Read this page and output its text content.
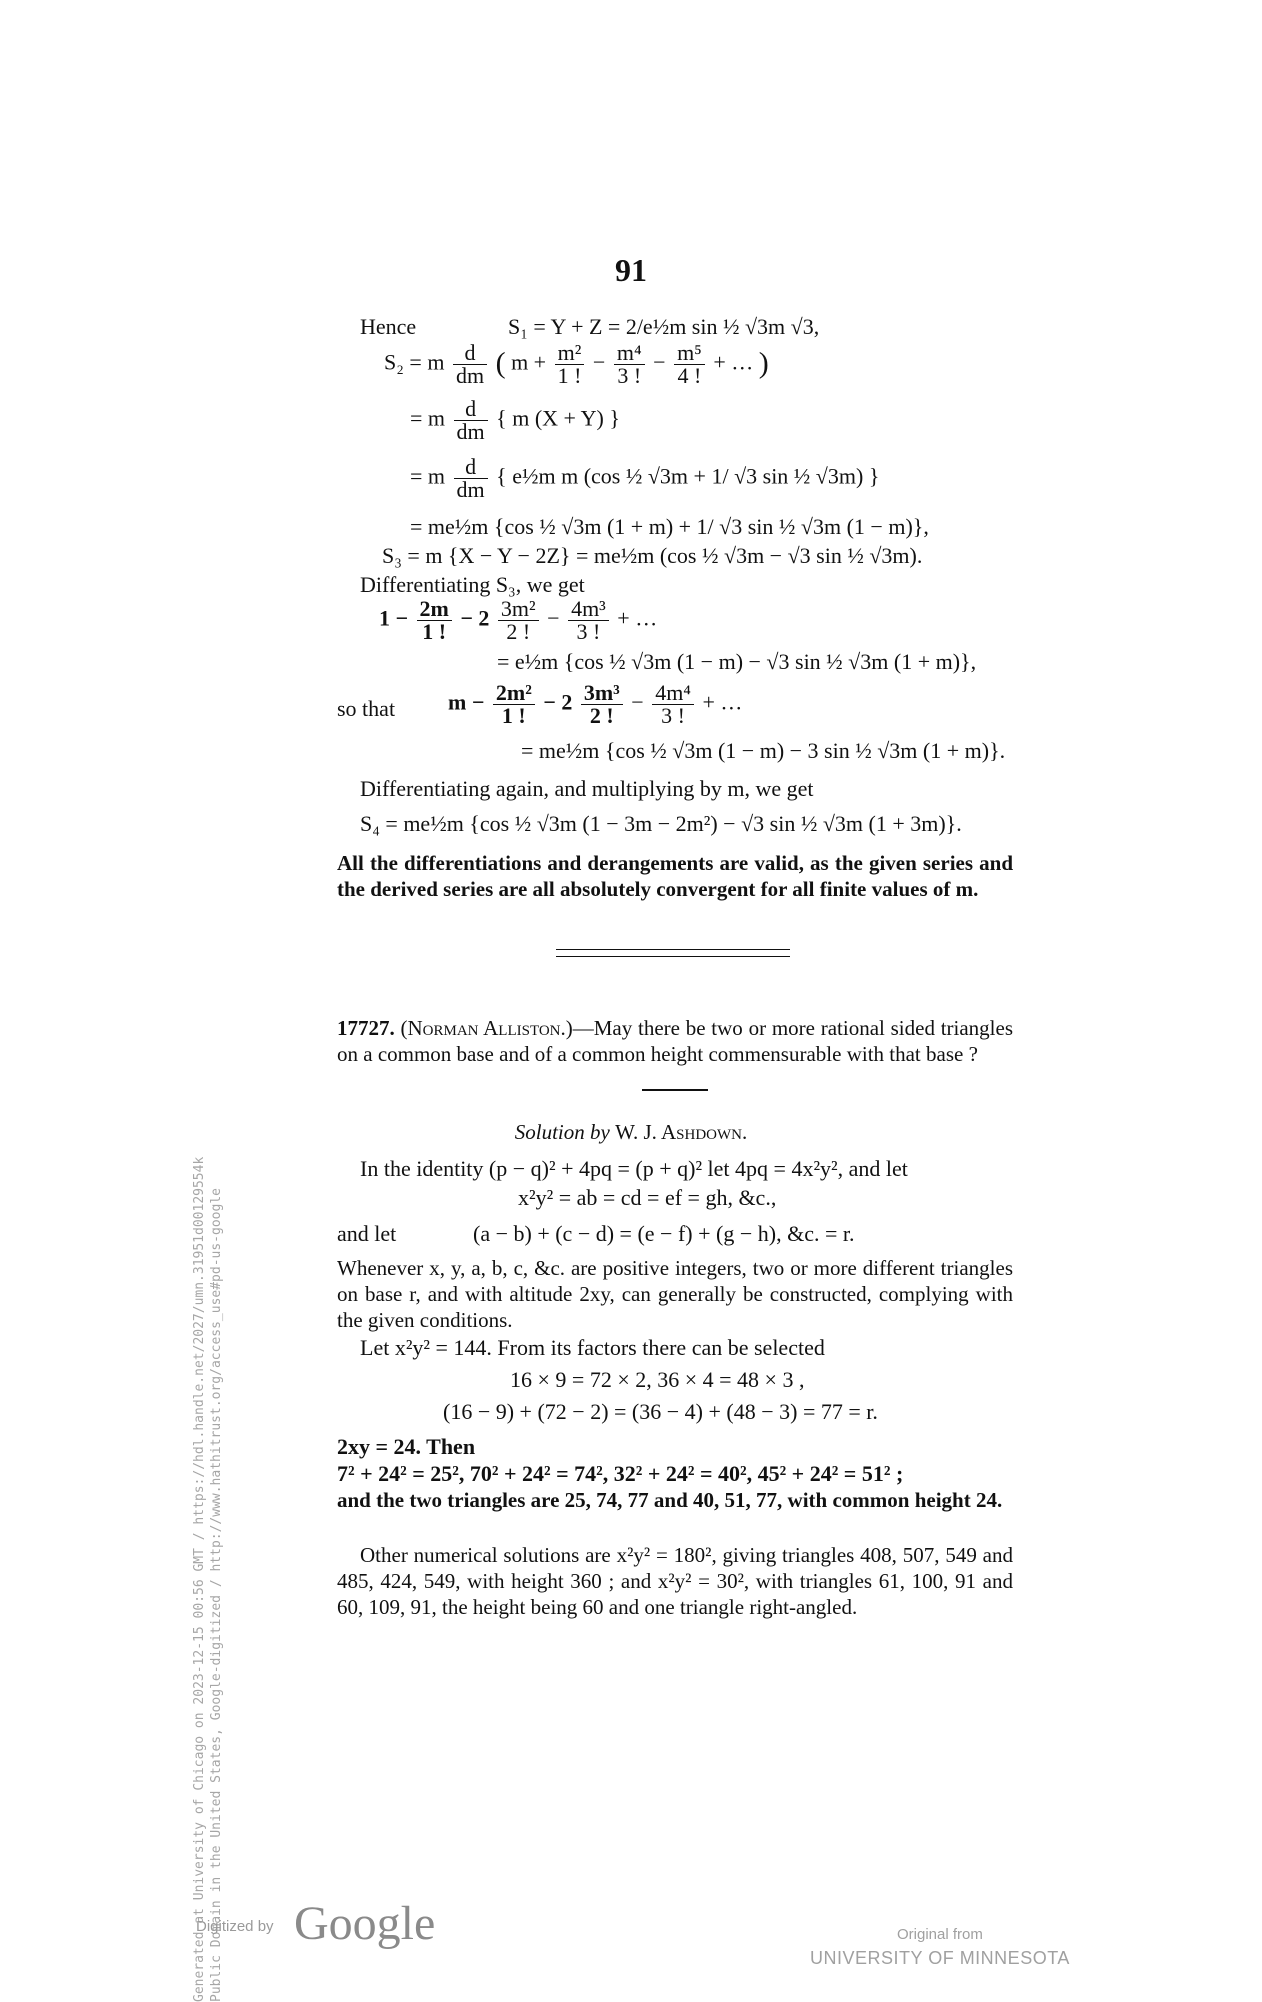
91
Hence	S₁ = Y + Z = 2/e½m sin ½ √3m √3,
S₂ = m $\frac{d}{dm}$ ( $m + \frac{\text{m²}}{1 !} - \frac{\text{m⁴}}{3 !} - \frac{\text{m⁵}}{4 !}$ + … )
= m $\frac{d}{dm}$ { m (X + Y) }
= m $\frac{d}{dm}$ { e½m m (cos ½ √3m + 1/ √3 sin ½ √3m) }
= me½m {cos ½ √3m (1 + m) + 1/ √3 sin ½ √3m (1 − m)},
S₃ = m {X − Y − 2Z} = me½m (cos ½ √3m − √3 sin ½ √3m).
Differentiating S₃, we get
$1 - \frac{2m}{1 !} - 2 \frac{\text{3m²}}{2 !} - \frac{\text{4m³}}{3 !}$ + …
= e½m {cos ½ √3m (1 − m) − √3 sin ½ √3m (1 + m)},
so that $m - \frac{\text{2m²}}{1 !} - 2 \frac{\text{3m³}}{2 !} - \frac{\text{4m⁴}}{3 !}$ + …
= me½m {cos ½ √3m (1 − m) − 3 sin ½ √3m (1 + m)}.
Differentiating again, and multiplying by m, we get
S₄ = me½m {cos ½ √3m (1 − 3m − 2m²) − √3 sin ½ √3m (1 + 3m)}.
All the differentiations and derangements are valid, as the given series and the derived series are all absolutely convergent for all finite values of m.
17727. (Norman Alliston.)—May there be two or more rational sided triangles on a common base and of a common height commensurable with that base ?
Solution by W. J. Ashdown.
In the identity (p − q)² + 4pq = (p + q)² let 4pq = 4x²y², and let
x²y² = ab = cd = ef = gh, &c.,
and let	(a − b) + (c − d) = (e − f) + (g − h), &c. = r.
Whenever x, y, a, b, c, &c. are positive integers, two or more different triangles on base r, and with altitude 2xy, can generally be constructed, complying with the given conditions.
Let x²y² = 144. From its factors there can be selected
16 × 9 = 72 × 2, 36 × 4 = 48 × 3 ,
(16 − 9) + (72 − 2) = (36 − 4) + (48 − 3) = 77 = r.
2xy = 24. Then
7² + 24² = 25², 70² + 24² = 74², 32² + 24² = 40², 45² + 24² = 51² ;
and the two triangles are 25, 74, 77 and 40, 51, 77, with common height 24.
Other numerical solutions are x²y² = 180², giving triangles 408, 507, 549 and 485, 424, 549, with height 360 ; and x²y² = 30², with triangles 61, 100, 91 and 60, 109, 91, the height being 60 and one triangle right-angled.
Generated at University of Chicago on 2023-12-15 00:56 GMT / https://hdl.handle.net/2027/umn.31951d00129554k Public Domain in the United States, Google-digitized / http://www.hathitrust.org/access_use#pd-us-google
Digitized by Google	Original from
UNIVERSITY OF MINNESOTA
